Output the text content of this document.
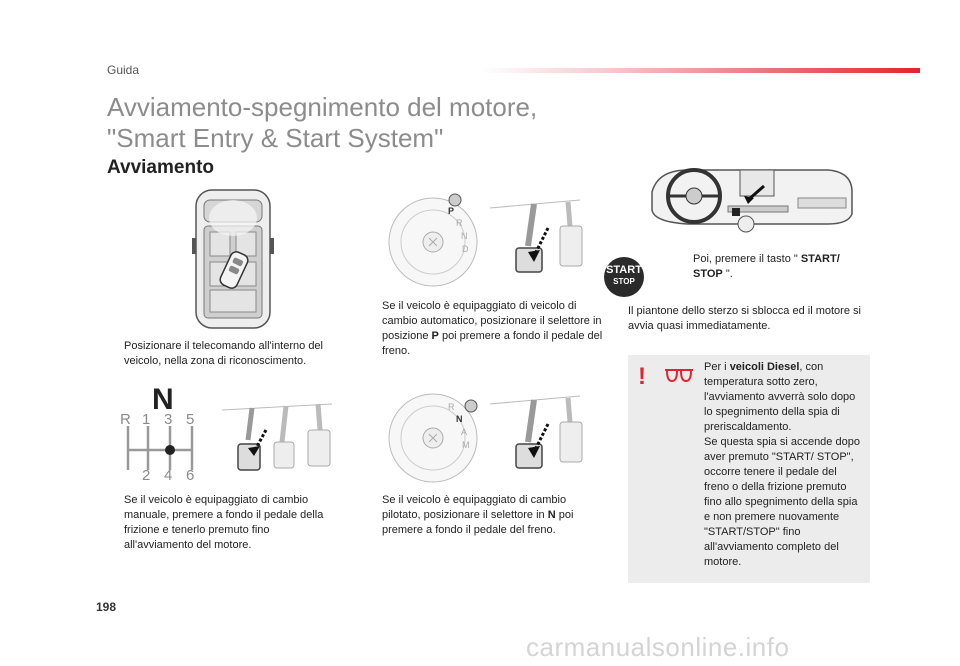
Guida
Avviamento-spegnimento del motore,
"Smart Entry & Start System"
Avviamento
Posizionare il telecomando all'interno del veicolo, nella zona di riconoscimento.
N
R 1 3 5
2 4 6
Se il veicolo è equipaggiato di cambio manuale, premere a fondo il pedale della frizione e tenerlo premuto fino all'avviamento del motore.
P
R
N
D
Se il veicolo è equipaggiato di veicolo di cambio automatico, posizionare il selettore in posizione P poi premere a fondo il pedale del freno.
R
N
A
M
Se il veicolo è equipaggiato di cambio pilotato, posizionare il selettore in N poi premere a fondo il pedale del freno.
START
STOP
Poi, premere il tasto " START/ STOP ".
Il piantone dello sterzo si sblocca ed il motore si avvia quasi immediatamente.
!	Per i veicoli Diesel, con temperatura sotto zero, l'avviamento avverrà solo dopo lo spegnimento della spia di preriscaldamento.
Se questa spia si accende dopo aver premuto "START/ STOP", occorre tenere il pedale del freno o della frizione premuto fino allo spegnimento della spia e non premere nuovamente "START/STOP" fino all'avviamento completo del motore.
198
carmanualsonline.info
